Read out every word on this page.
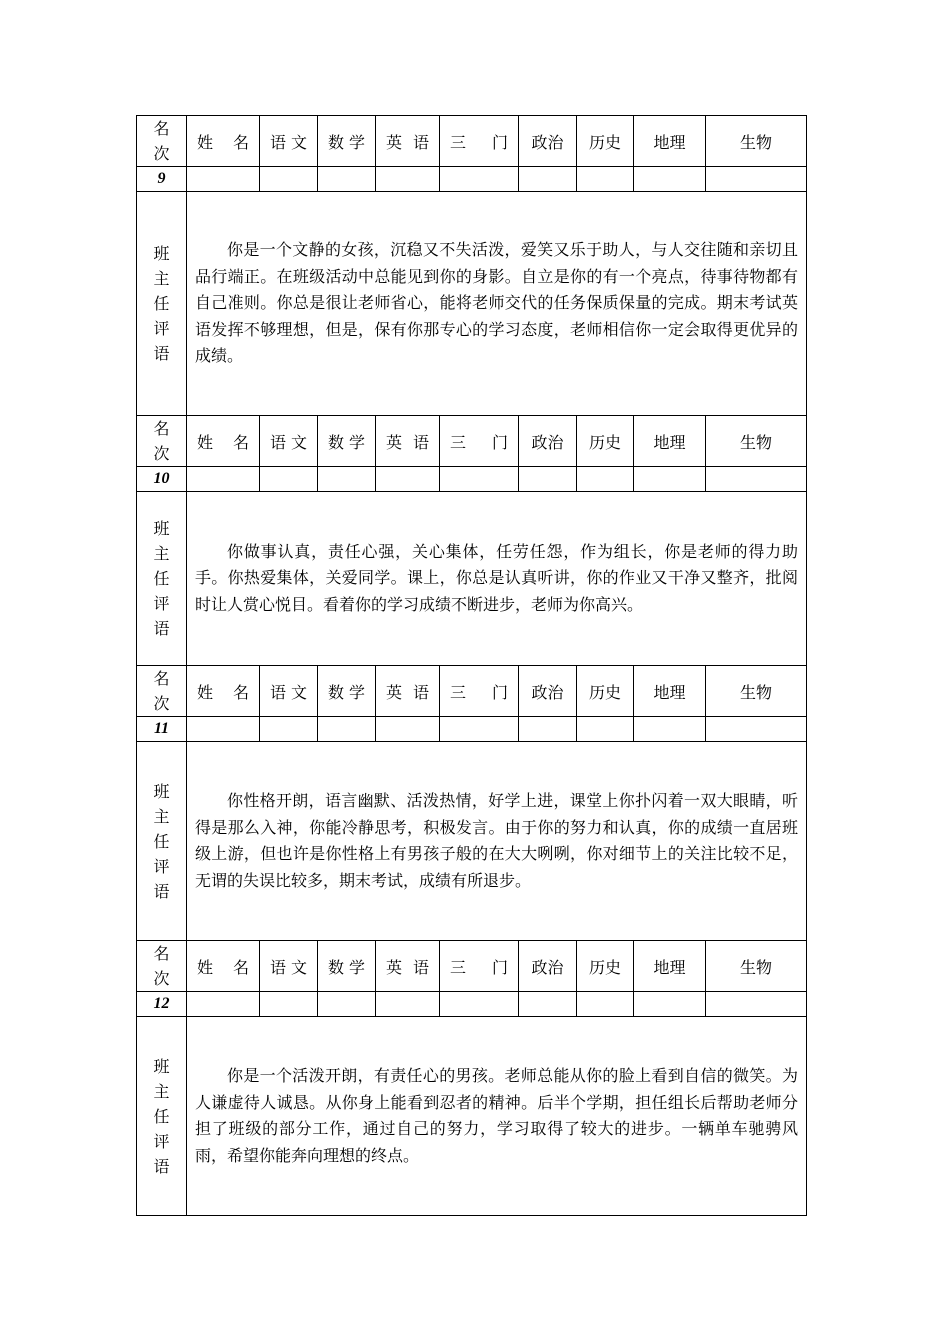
名
次	姓 名	语 文	数 学	英 语	三 门	政治	历史	地理	生物
9									

班
主
任
评
语	你是一个文静的女孩，沉稳又不失活泼，爱笑又乐于助人，与人交往随和亲切且品行端正。在班级活动中总能见到你的身影。自立是你的有一个亮点，待事待物都有自己准则。你总是很让老师省心，能将老师交代的任务保质保量的完成。期末考试英语发挥不够理想，但是，保有你那专心的学习态度，老师相信你一定会取得更优异的成绩。								

名
次	姓 名	语 文	数 学	英 语	三 门	政治	历史	地理	生物
10									

班
主
任
评
语	你做事认真，责任心强，关心集体，任劳任怨，作为组长，你是老师的得力助手。你热爱集体，关爱同学。课上，你总是认真听讲，你的作业又干净又整齐，批阅时让人赏心悦目。看着你的学习成绩不断进步，老师为你高兴。								

名
次	姓 名	语 文	数 学	英 语	三 门	政治	历史	地理	生物
11									

班
主
任
评
语	你性格开朗，语言幽默、活泼热情，好学上进，课堂上你扑闪着一双大眼睛，听得是那么入神，你能冷静思考，积极发言。由于你的努力和认真，你的成绩一直居班级上游，但也许是你性格上有男孩子般的在大大咧咧，你对细节上的关注比较不足，无谓的失误比较多，期末考试，成绩有所退步。								

名
次	姓 名	语 文	数 学	英 语	三 门	政治	历史	地理	生物
12									

班
主
任
评
语	你是一个活泼开朗，有责任心的男孩。老师总能从你的脸上看到自信的微笑。为人谦虚待人诚恳。从你身上能看到忍者的精神。后半个学期，担任组长后帮助老师分担了班级的部分工作，通过自己的努力，学习取得了较大的进步。一辆单车驰骋风雨，希望你能奔向理想的终点。								
